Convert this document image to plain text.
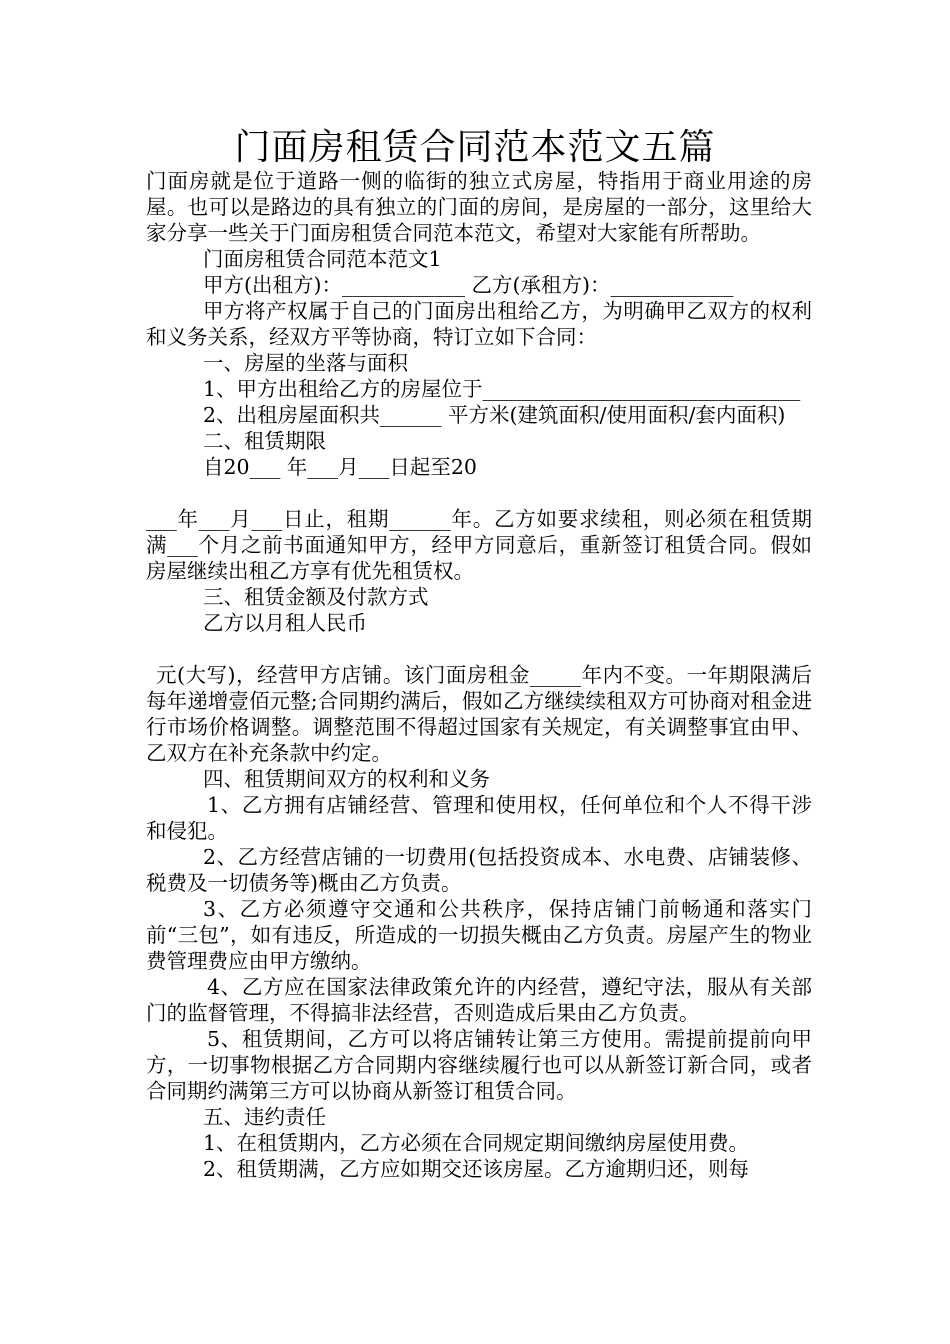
门面房租赁合同范本范文五篇

门面房就是位于道路一侧的临街的独立式房屋，特指用于商业用途的房屋。也可以是路边的具有独立的门面的房间，是房屋的一部分，这里给大家分享一些关于门面房租赁合同范本范文，希望对大家能有所帮助。

门面房租赁合同范本范文1

甲方(出租方)：____________ 乙方(承租方)：____________

甲方将产权属于自己的门面房出租给乙方，为明确甲乙双方的权利和义务关系，经双方平等协商，特订立如下合同：

一、房屋的坐落与面积

1、甲方出租给乙方的房屋位于_______________________________

2、出租房屋面积共______ 平方米(建筑面积/使用面积/套内面积)

二、租赁期限

自20___ 年___月___日起至20

___年___月___日止，租期______年。乙方如要求续租，则必须在租赁期满___个月之前书面通知甲方，经甲方同意后，重新签订租赁合同。假如房屋继续出租乙方享有优先租赁权。

三、租赁金额及付款方式

乙方以月租人民币

元(大写)，经营甲方店铺。该门面房租金_____年内不变。一年期限满后每年递增壹佰元整;合同期约满后，假如乙方继续续租双方可协商对租金进行市场价格调整。调整范围不得超过国家有关规定，有关调整事宜由甲、乙双方在补充条款中约定。

四、租赁期间双方的权利和义务

1、乙方拥有店铺经营、管理和使用权，任何单位和个人不得干涉和侵犯。

2、乙方经营店铺的一切费用(包括投资成本、水电费、店铺装修、税费及一切债务等)概由乙方负责。

3、乙方必须遵守交通和公共秩序，保持店铺门前畅通和落实门前“三包”，如有违反，所造成的一切损失概由乙方负责。房屋产生的物业费管理费应由甲方缴纳。

4、乙方应在国家法律政策允许的内经营，遵纪守法，服从有关部门的监督管理，不得搞非法经营，否则造成后果由乙方负责。

5、租赁期间，乙方可以将店铺转让第三方使用。需提前提前向甲方，一切事物根据乙方合同期内容继续履行也可以从新签订新合同，或者合同期约满第三方可以协商从新签订租赁合同。

五、违约责任

1、在租赁期内，乙方必须在合同规定期间缴纳房屋使用费。

2、租赁期满，乙方应如期交还该房屋。乙方逾期归还，则每
